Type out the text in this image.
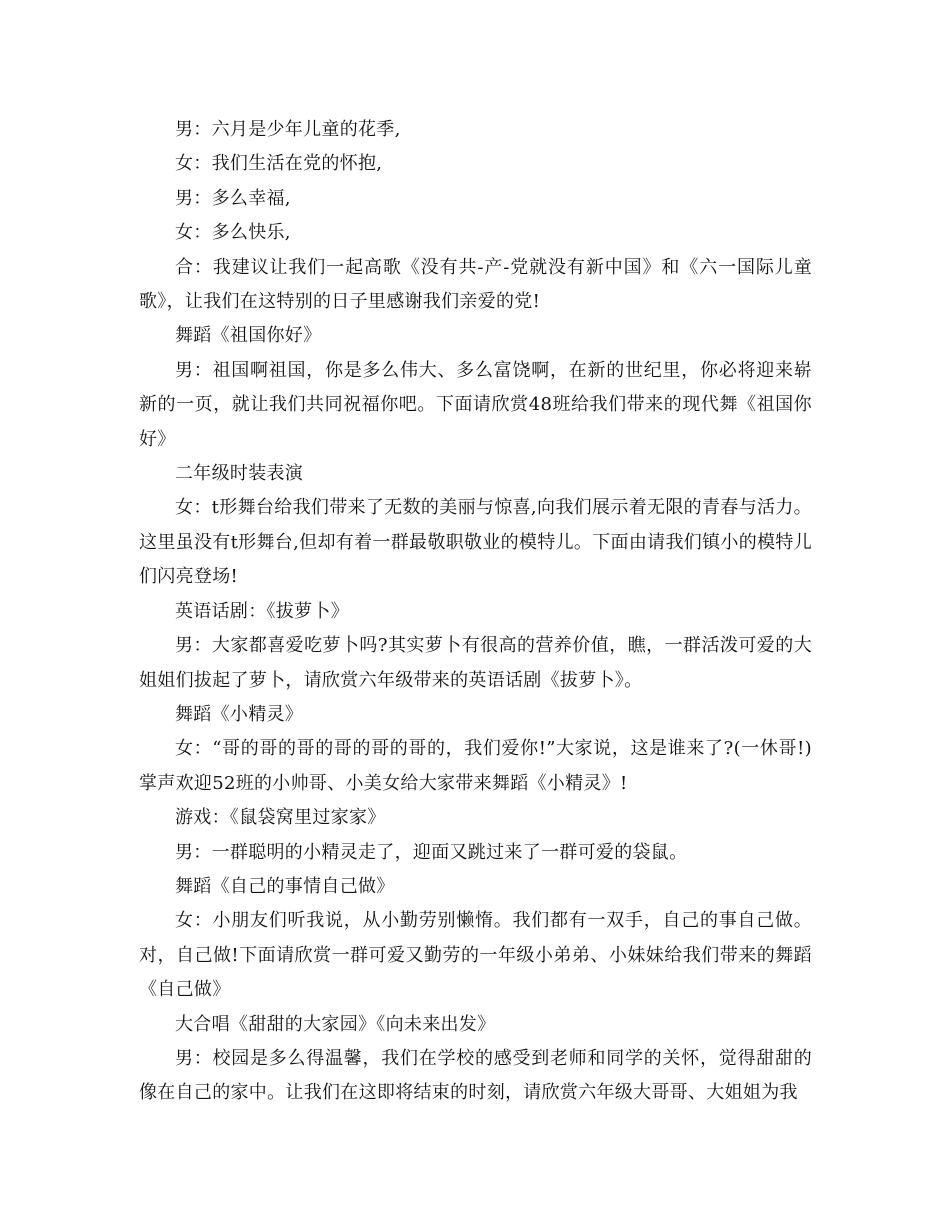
男：六月是少年儿童的花季,

女：我们生活在党的怀抱,

男：多么幸福,

女：多么快乐,

合：我建议让我们一起高歌《没有共-产-党就没有新中国》和《六一国际儿童歌》，让我们在这特别的日子里感谢我们亲爱的党!

舞蹈《祖国你好》

男：祖国啊祖国，你是多么伟大、多么富饶啊，在新的世纪里，你必将迎来崭新的一页，就让我们共同祝福你吧。下面请欣赏48班给我们带来的现代舞《祖国你好》

二年级时装表演

女：t形舞台给我们带来了无数的美丽与惊喜,向我们展示着无限的青春与活力。这里虽没有t形舞台,但却有着一群最敬职敬业的模特儿。下面由请我们镇小的模特儿们闪亮登场!

英语话剧：《拔萝卜》

男：大家都喜爱吃萝卜吗?其实萝卜有很高的营养价值，瞧，一群活泼可爱的大姐姐们拔起了萝卜，请欣赏六年级带来的英语话剧《拔萝卜》。

舞蹈《小精灵》

女：“哥的哥的哥的哥的哥的哥的，我们爱你!”大家说，这是谁来了?(一休哥!)掌声欢迎52班的小帅哥、小美女给大家带来舞蹈《小精灵》!

游戏：《鼠袋窝里过家家》

男：一群聪明的小精灵走了，迎面又跳过来了一群可爱的袋鼠。

舞蹈《自己的事情自己做》

女：小朋友们听我说，从小勤劳别懒惰。我们都有一双手，自己的事自己做。对，自己做!下面请欣赏一群可爱又勤劳的一年级小弟弟、小妹妹给我们带来的舞蹈《自己做》

大合唱《甜甜的大家园》《向未来出发》

男：校园是多么得温馨，我们在学校的感受到老师和同学的关怀，觉得甜甜的像在自己的家中。让我们在这即将结束的时刻，请欣赏六年级大哥哥、大姐姐为我
